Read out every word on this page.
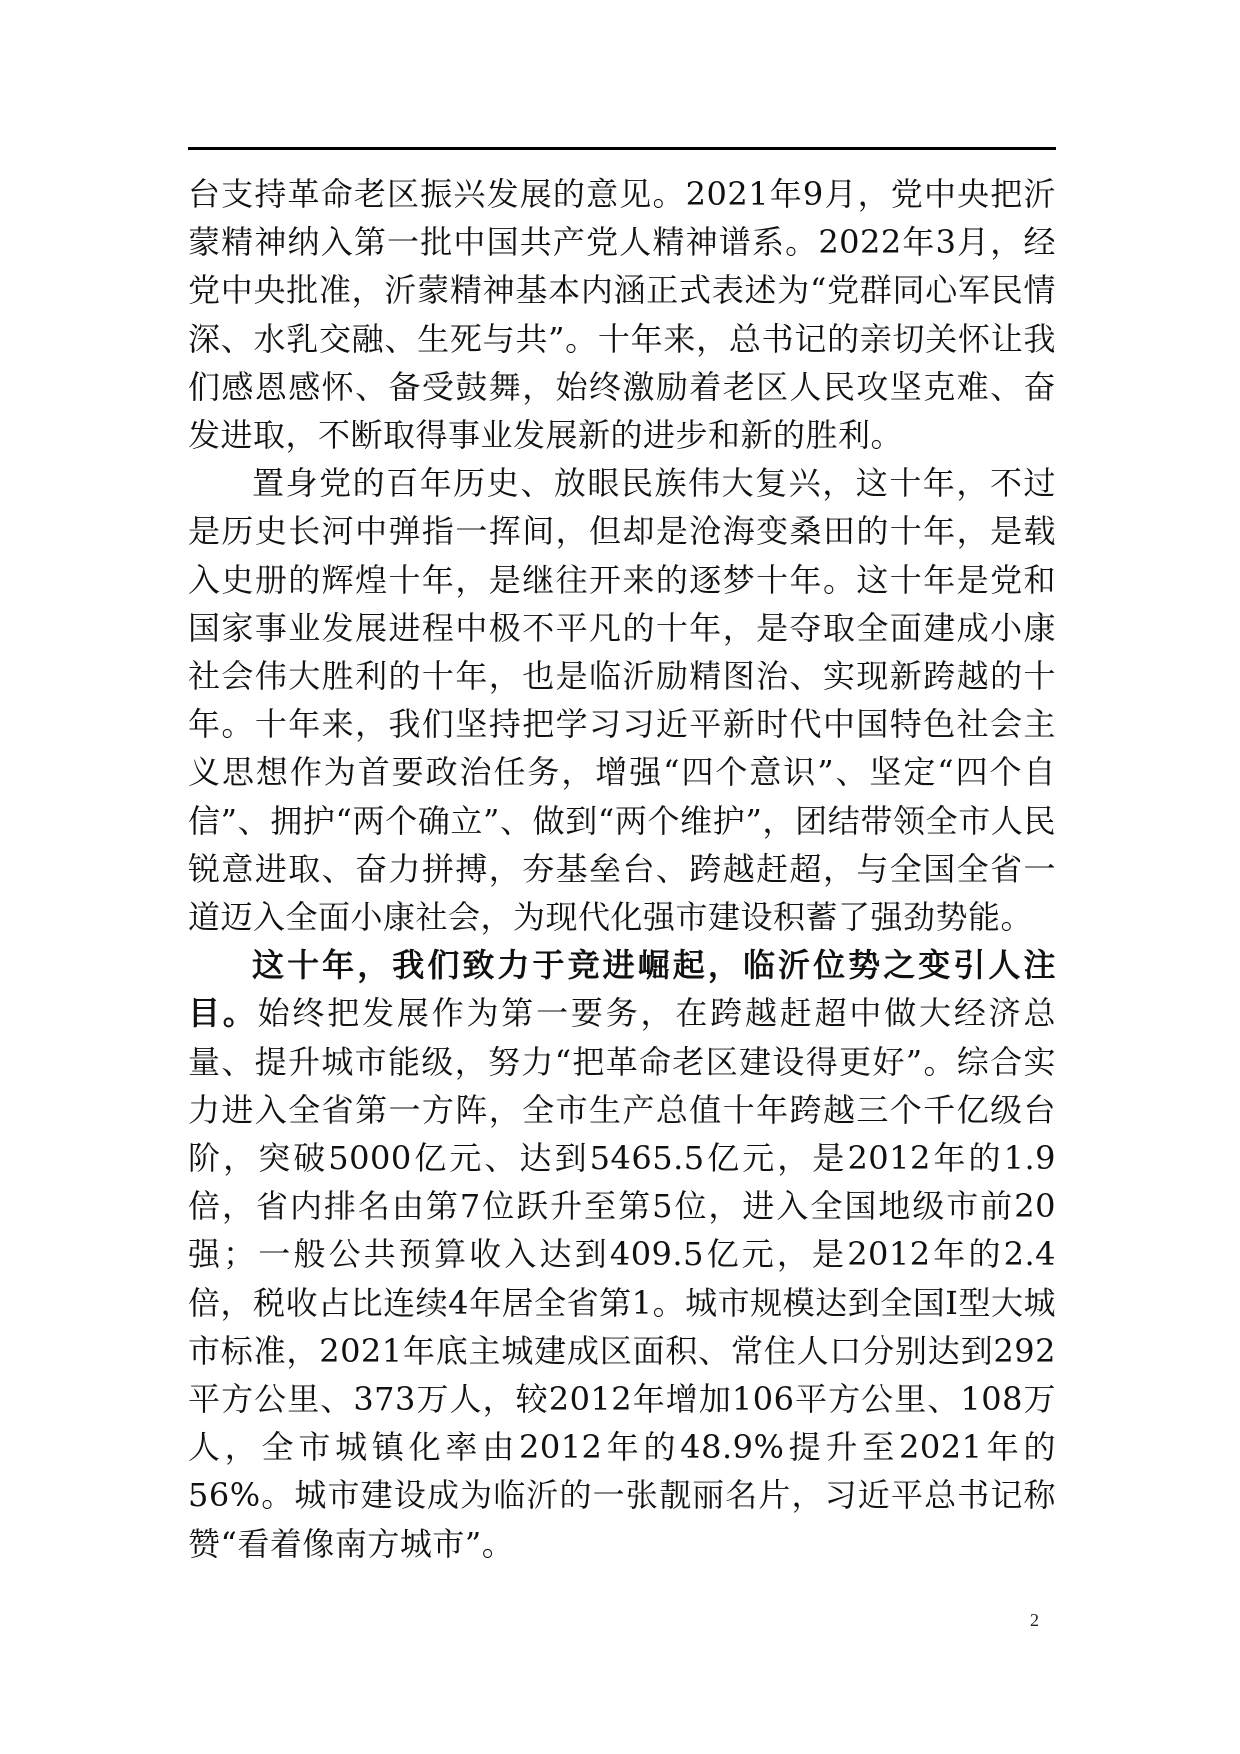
台支持革命老区振兴发展的意见。2021年9月，党中央把沂蒙精神纳入第一批中国共产党人精神谱系。2022年3月，经党中央批准，沂蒙精神基本内涵正式表述为“党群同心军民情深、水乳交融、生死与共”。十年来，总书记的亲切关怀让我们感恩感怀、备受鼓舞，始终激励着老区人民攻坚克难、奋发进取，不断取得事业发展新的进步和新的胜利。

置身党的百年历史、放眼民族伟大复兴，这十年，不过是历史长河中弹指一挥间，但却是沧海变桑田的十年，是载入史册的辉煌十年，是继往开来的逐梦十年。这十年是党和国家事业发展进程中极不平凡的十年，是夺取全面建成小康社会伟大胜利的十年，也是临沂励精图治、实现新跨越的十年。十年来，我们坚持把学习习近平新时代中国特色社会主义思想作为首要政治任务，增强“四个意识”、坚定“四个自信”、拥护“两个确立”、做到“两个维护”，团结带领全市人民锐意进取、奋力拼搏，夯基垒台、跨越赶超，与全国全省一道迈入全面小康社会，为现代化强市建设积蓄了强劲势能。

这十年，我们致力于竞进崛起，临沂位势之变引人注目。始终把发展作为第一要务，在跨越赶超中做大经济总量、提升城市能级，努力“把革命老区建设得更好”。综合实力进入全省第一方阵，全市生产总值十年跨越三个千亿级台阶，突破5000亿元、达到5465.5亿元，是2012年的1.9倍，省内排名由第7位跃升至第5位，进入全国地级市前20强；一般公共预算收入达到409.5亿元，是2012年的2.4倍，税收占比连续4年居全省第1。城市规模达到全国I型大城市标准，2021年底主城建成区面积、常住人口分别达到292平方公里、373万人，较2012年增加106平方公里、108万人，全市城镇化率由2012年的48.9%提升至2021年的56%。城市建设成为临沂的一张靓丽名片，习近平总书记称赞“看着像南方城市”。

2
